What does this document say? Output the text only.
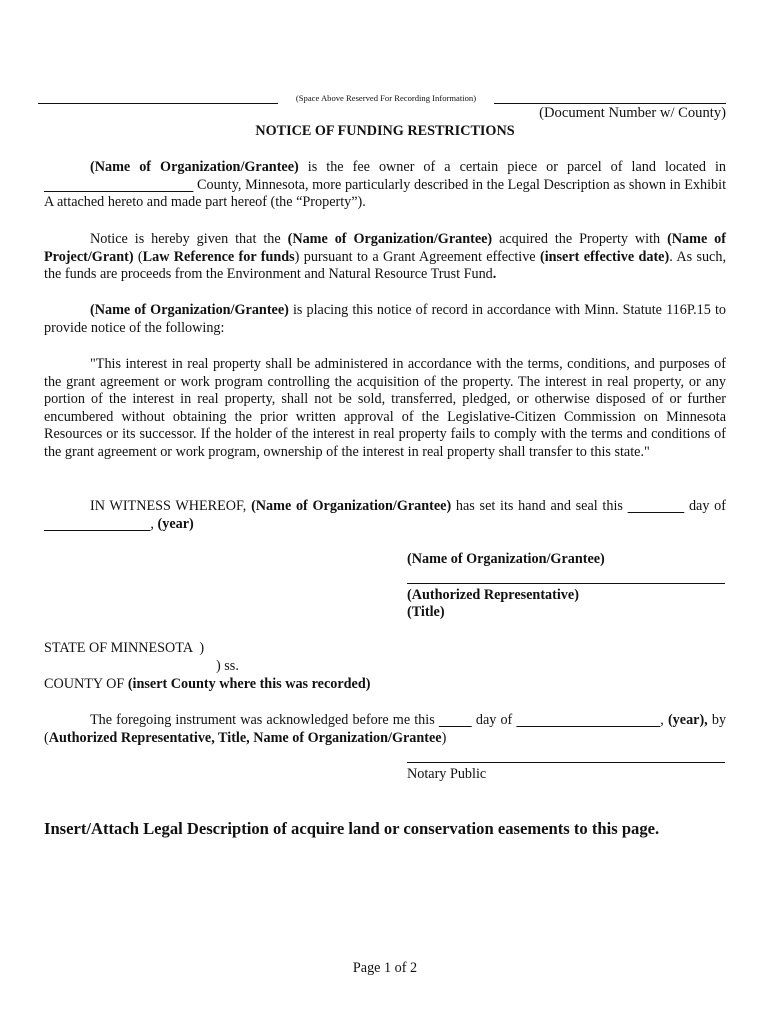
(Space Above Reserved For Recording Information)
(Document Number w/ County)
NOTICE OF FUNDING RESTRICTIONS
(Name of Organization/Grantee) is the fee owner of a certain piece or parcel of land located in                                           County, Minnesota, more particularly described in the Legal Description as shown in Exhibit A attached hereto and made part hereof (the “Property”).
Notice is hereby given that the (Name of Organization/Grantee) acquired the Property with (Name of Project/Grant) (Law Reference for funds) pursuant to a Grant Agreement effective (insert effective date). As such, the funds are proceeds from the Environment and Natural Resource Trust Fund.
(Name of Organization/Grantee) is placing this notice of record in accordance with Minn. Statute 116P.15 to provide notice of the following:
"This interest in real property shall be administered in accordance with the terms, conditions, and purposes of the grant agreement or work program controlling the acquisition of the property. The interest in real property, or any portion of the interest in real property, shall not be sold, transferred, pledged, or otherwise disposed of or further encumbered without obtaining the prior written approval of the Legislative-Citizen Commission on Minnesota Resources or its successor. If the holder of the interest in real property fails to comply with the terms and conditions of the grant agreement or work program, ownership of the interest in real property shall transfer to this state."
IN WITNESS WHEREOF, (Name of Organization/Grantee) has set its hand and seal this	day of                               , (year)
(Name of Organization/Grantee)
(Authorized Representative)
(Title)
STATE OF MINNESOTA  )
) ss.
COUNTY OF (insert County where this was recorded)
The foregoing instrument was acknowledged before me this          day of	, (year), by (Authorized Representative, Title, Name of Organization/Grantee)
Notary Public
Insert/Attach Legal Description of acquire land or conservation easements to this page.
Page 1 of 2
